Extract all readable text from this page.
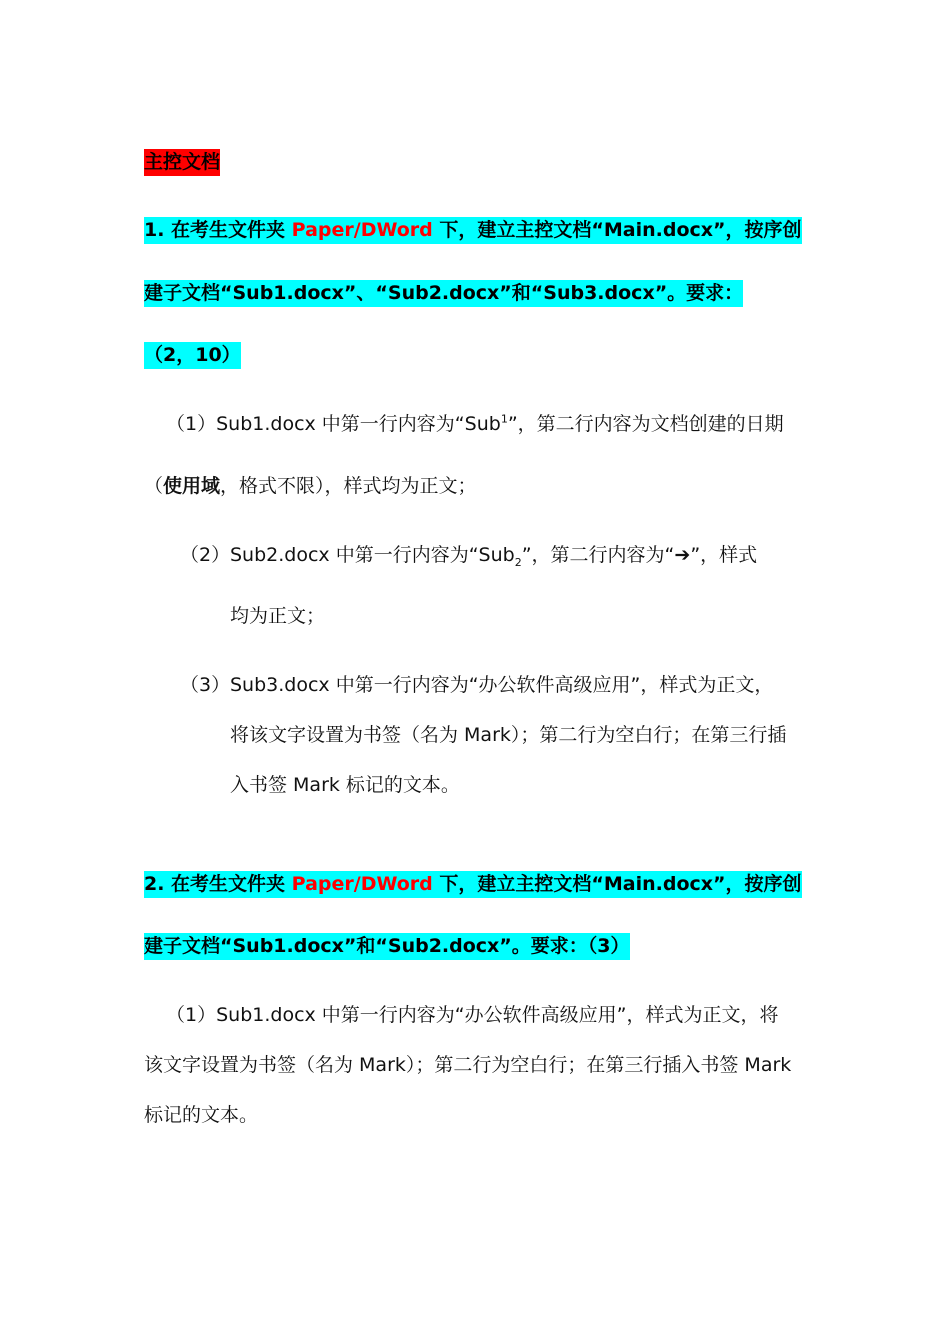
主控文档
1. 在考生文件夹 Paper/DWord 下，建立主控文档“Main.docx”，按序创
建子文档“Sub1.docx”、“Sub2.docx”和“Sub3.docx”。要求：
（2，10）
（1）Sub1.docx 中第一行内容为“Sub$^1$”，第二行内容为文档创建的日期
（使用域，格式不限），样式均为正文；
（2） Sub2.docx 中第一行内容为“Sub$_2$”，第二行内容为“➔”，样式
均为正文；
（3） Sub3.docx 中第一行内容为“办公软件高级应用”，样式为正文，
将该文字设置为书签（名为 Mark）；第二行为空白行；在第三行插
入书签 Mark 标记的文本。
2. 在考生文件夹 Paper/DWord 下，建立主控文档“Main.docx”，按序创
建子文档“Sub1.docx”和“Sub2.docx”。要求：（3）
（1）Sub1.docx 中第一行内容为“办公软件高级应用”，样式为正文，将
该文字设置为书签（名为 Mark）；第二行为空白行；在第三行插入书签 Mark
标记的文本。
